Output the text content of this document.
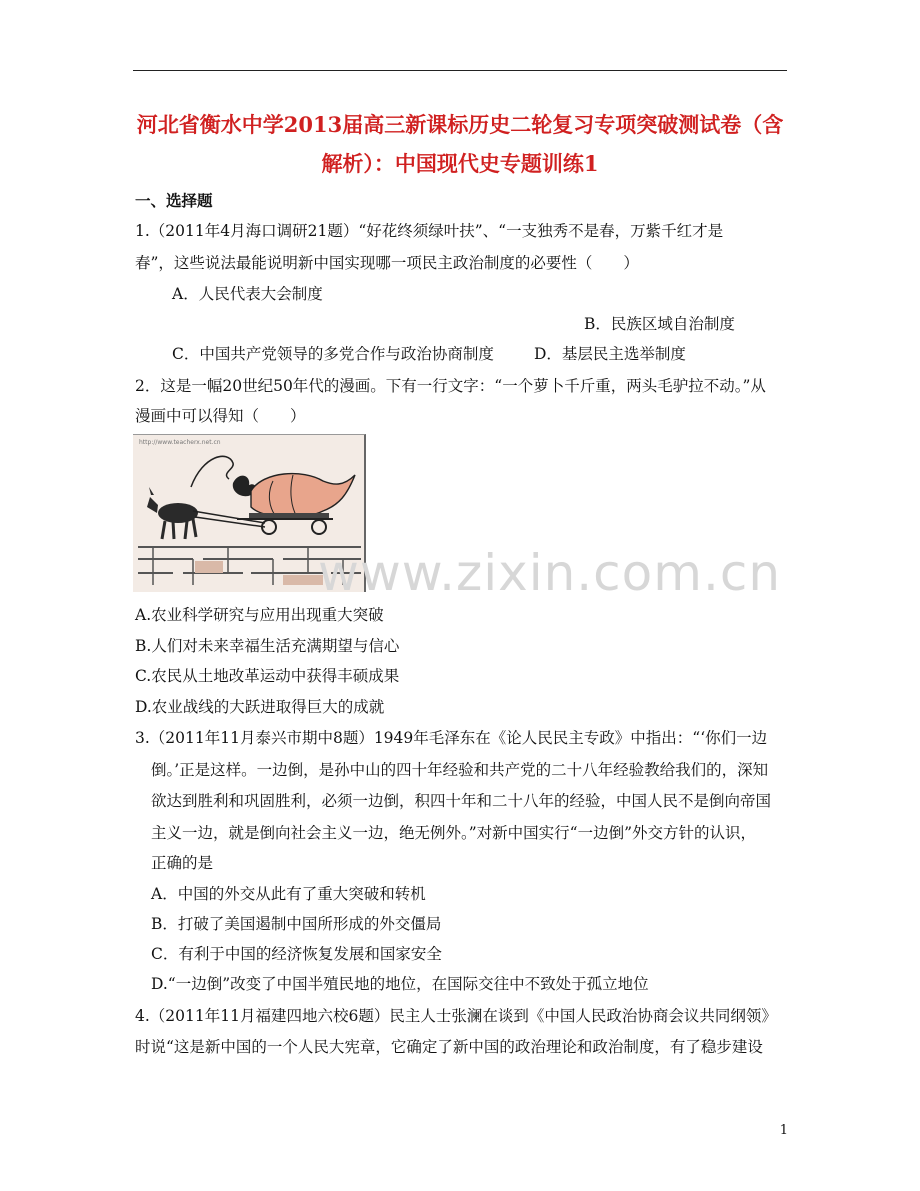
河北省衡水中学2013届高三新课标历史二轮复习专项突破测试卷（含
解析）：中国现代史专题训练1
一、选择题
1.（2011年4月海口调研21题）“好花终须绿叶扶”、“一支独秀不是春，万紫千红才是
春”，这些说法最能说明新中国实现哪一项民主政治制度的必要性（　　）
A．人民代表大会制度
B．民族区域自治制度
C．中国共产党领导的多党合作与政治协商制度	D．基层民主选举制度
2．这是一幅20世纪50年代的漫画。下有一行文字：“一个萝卜千斤重，两头毛驴拉不动。”从
漫画中可以得知（　　）
http://www.teacherx.net.cn
www.zixin.com.cn
A.农业科学研究与应用出现重大突破
B.人们对未来幸福生活充满期望与信心
C.农民从土地改革运动中获得丰硕成果
D.农业战线的大跃进取得巨大的成就
3.（2011年11月泰兴市期中8题）1949年毛泽东在《论人民民主专政》中指出：“‘你们一边
倒。’正是这样。一边倒，是孙中山的四十年经验和共产党的二十八年经验教给我们的，深知
欲达到胜利和巩固胜利，必须一边倒，积四十年和二十八年的经验，中国人民不是倒向帝国
主义一边，就是倒向社会主义一边，绝无例外。”对新中国实行“一边倒”外交方针的认识，
正确的是
A．中国的外交从此有了重大突破和转机
B．打破了美国遏制中国所形成的外交僵局
C．有利于中国的经济恢复发展和国家安全
D.“一边倒”改变了中国半殖民地的地位，在国际交往中不致处于孤立地位
4.（2011年11月福建四地六校6题）民主人士张澜在谈到《中国人民政治协商会议共同纲领》
时说“这是新中国的一个人民大宪章，它确定了新中国的政治理论和政治制度，有了稳步建设
1
